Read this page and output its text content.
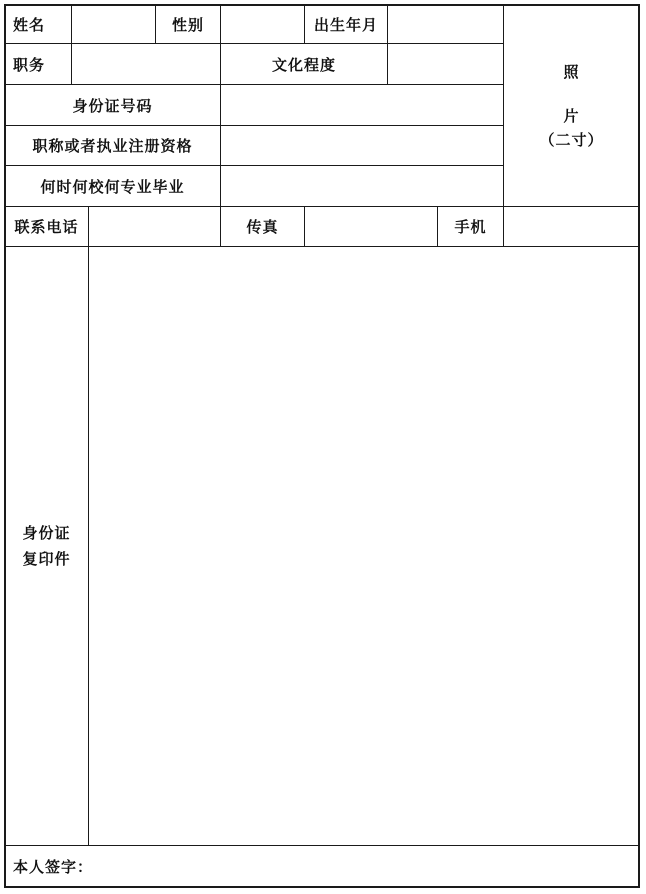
姓名	性别	出生年月
照
片
（二寸）
职务	文化程度
身份证号码
职称或者执业注册资格
何时何校何专业毕业
联系电话	传真	手机
身份证
复印件
本人签字：
